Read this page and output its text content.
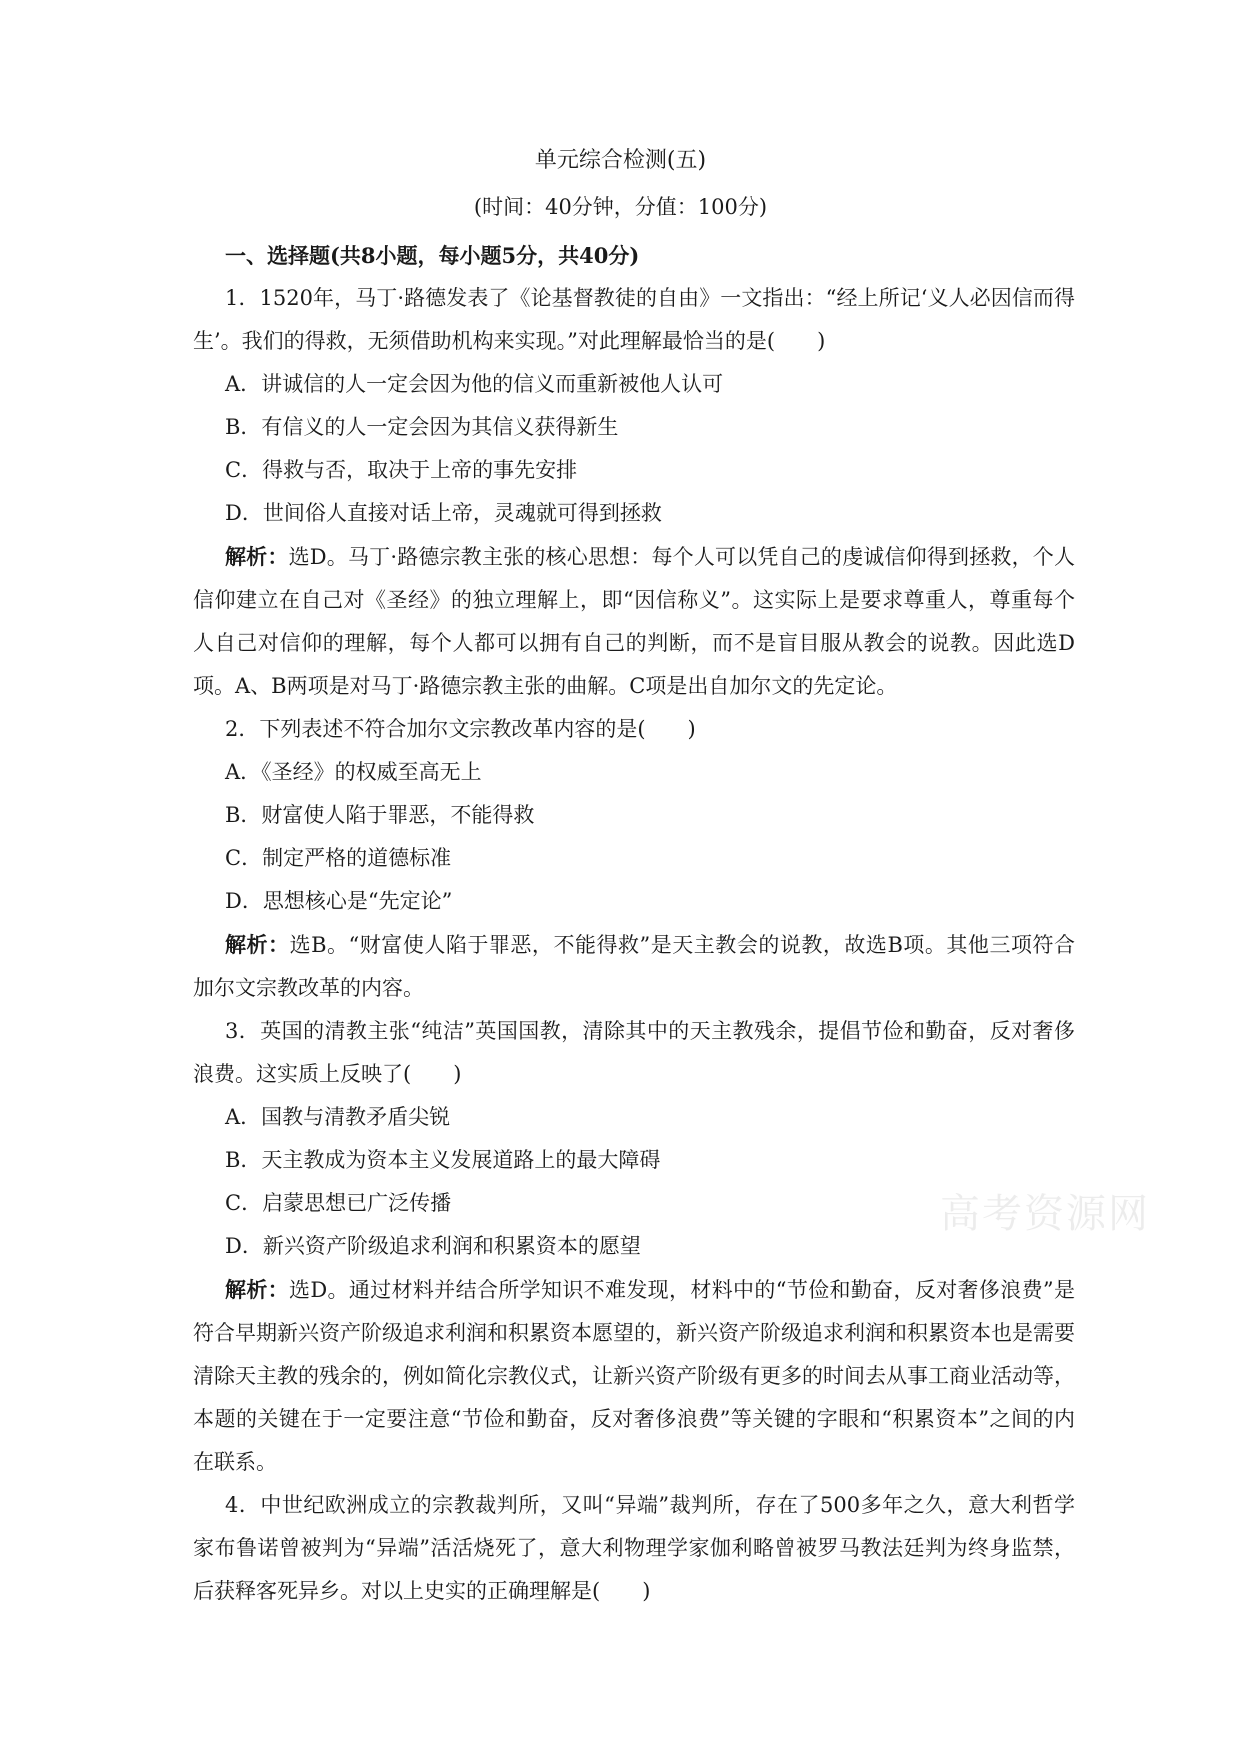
单元综合检测(五)
(时间：40分钟，分值：100分)

一、选择题(共8小题，每小题5分，共40分)

1．1520年，马丁·路德发表了《论基督教徒的自由》一文指出：“经上所记‘义人必因信而得生’。我们的得救，无须借助机构来实现。”对此理解最恰当的是(　　)

A．讲诚信的人一定会因为他的信义而重新被他人认可

B．有信义的人一定会因为其信义获得新生

C．得救与否，取决于上帝的事先安排

D．世间俗人直接对话上帝，灵魂就可得到拯救

解析：选D。马丁·路德宗教主张的核心思想：每个人可以凭自己的虔诚信仰得到拯救，个人信仰建立在自己对《圣经》的独立理解上，即“因信称义”。这实际上是要求尊重人，尊重每个人自己对信仰的理解，每个人都可以拥有自己的判断，而不是盲目服从教会的说教。因此选D项。A、B两项是对马丁·路德宗教主张的曲解。C项是出自加尔文的先定论。

2．下列表述不符合加尔文宗教改革内容的是(　　)

A．《圣经》的权威至高无上

B．财富使人陷于罪恶，不能得救

C．制定严格的道德标准

D．思想核心是“先定论”

解析：选B。“财富使人陷于罪恶，不能得救”是天主教会的说教，故选B项。其他三项符合加尔文宗教改革的内容。

3．英国的清教主张“纯洁”英国国教，清除其中的天主教残余，提倡节俭和勤奋，反对奢侈浪费。这实质上反映了(　　)

A．国教与清教矛盾尖锐

B．天主教成为资本主义发展道路上的最大障碍

C．启蒙思想已广泛传播

D．新兴资产阶级追求利润和积累资本的愿望

解析：选D。通过材料并结合所学知识不难发现，材料中的“节俭和勤奋，反对奢侈浪费”是符合早期新兴资产阶级追求利润和积累资本愿望的，新兴资产阶级追求利润和积累资本也是需要清除天主教的残余的，例如简化宗教仪式，让新兴资产阶级有更多的时间去从事工商业活动等，本题的关键在于一定要注意“节俭和勤奋，反对奢侈浪费”等关键的字眼和“积累资本”之间的内在联系。

4．中世纪欧洲成立的宗教裁判所，又叫“异端”裁判所，存在了500多年之久，意大利哲学家布鲁诺曾被判为“异端”活活烧死了，意大利物理学家伽利略曾被罗马教法廷判为终身监禁，后获释客死异乡。对以上史实的正确理解是(　　)

高考资源网
